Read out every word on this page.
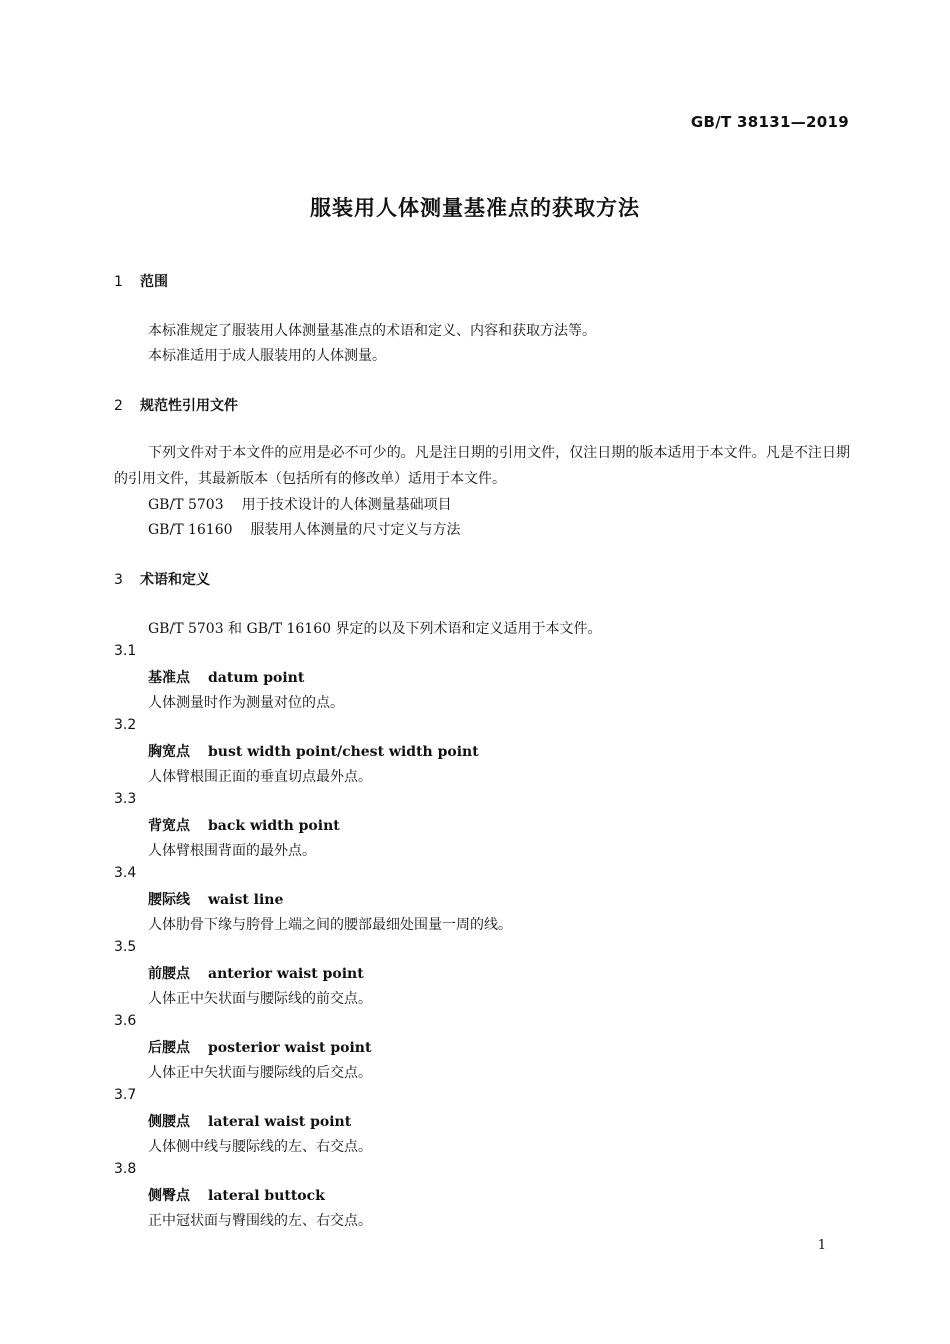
GB/T 38131—2019
服装用人体测量基准点的获取方法
1 范围
本标准规定了服装用人体测量基准点的术语和定义、内容和获取方法等。
本标准适用于成人服装用的人体测量。
2 规范性引用文件
下列文件对于本文件的应用是必不可少的。凡是注日期的引用文件，仅注日期的版本适用于本文件。凡是不注日期的引用文件，其最新版本（包括所有的修改单）适用于本文件。
GB/T 5703 用于技术设计的人体测量基础项目
GB/T 16160 服装用人体测量的尺寸定义与方法
3 术语和定义
GB/T 5703 和 GB/T 16160 界定的以及下列术语和定义适用于本文件。
3.1
基准点 datum point
人体测量时作为测量对位的点。
3.2
胸宽点 bust width point/chest width point
人体臂根围正面的垂直切点最外点。
3.3
背宽点 back width point
人体臂根围背面的最外点。
3.4
腰际线 waist line
人体肋骨下缘与胯骨上端之间的腰部最细处围量一周的线。
3.5
前腰点 anterior waist point
人体正中矢状面与腰际线的前交点。
3.6
后腰点 posterior waist point
人体正中矢状面与腰际线的后交点。
3.7
侧腰点 lateral waist point
人体侧中线与腰际线的左、右交点。
3.8
侧臀点 lateral buttock
正中冠状面与臀围线的左、右交点。
1
